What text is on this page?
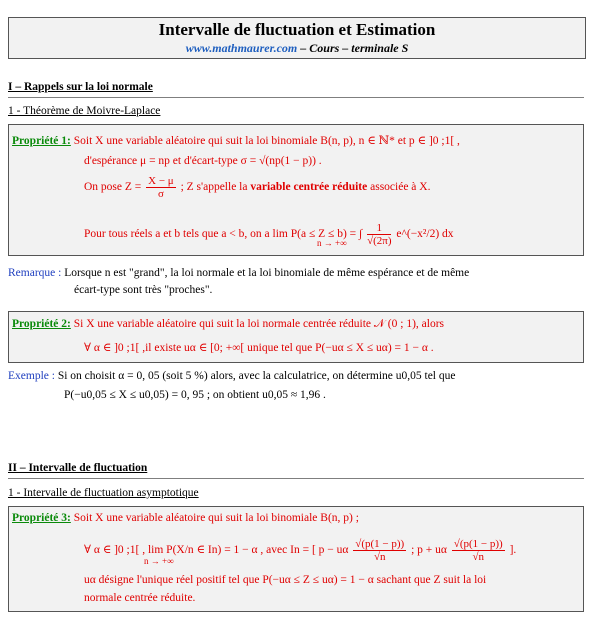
Intervalle de fluctuation et Estimation
www.mathmaurer.com – Cours – terminale S
I – Rappels sur la loi normale
1 - Théorème de Moivre-Laplace
Propriété 1: Soit X une variable aléatoire qui suit la loi binomiale B(n, p), n ∈ ℕ* et p ∈ ]0 ;1[ ,
d'espérance μ = np et d'écart-type σ = √(np(1 − p)) .
On pose $Z = \frac{X - \mu}{\sigma}$ ; Z s'appelle la variable centrée réduite associée à X.
Pour tous réels a et b tels que a < b, on a lim P(a ≤ Z ≤ b) = ∫ $\frac{1}{√(2\pi)}$ e^(−x²/2) dx
n → +∞
Remarque : Lorsque n est "grand", la loi normale et la loi binomiale de même espérance et de même
écart-type sont très "proches".
Propriété 2: Si X une variable aléatoire qui suit la loi normale centrée réduite 𝒩 (0 ; 1), alors
∀ α ∈ ]0 ;1[ ,il existe uα ∈ [0; +∞[ unique tel que P(−uα ≤ X ≤ uα) = 1 − α .
Exemple : Si on choisit α = 0, 05 (soit 5 %) alors, avec la calculatrice, on détermine u0,05 tel que
P(−u0,05 ≤ X ≤ u0,05) = 0, 95 ; on obtient u0,05 ≈ 1,96 .
II – Intervalle de fluctuation
1 - Intervalle de fluctuation asymptotique
Propriété 3: Soit X une variable aléatoire qui suit la loi binomiale B(n, p) ;
∀ α ∈ ]0 ;1[ , lim P(X/n ∈ In) = 1 − α , avec In = [ p − uα $\frac{√(p(1 - p))}{√n}$ ; p + uα $\frac{√(p(1 - p))}{√n}$ ].
n → +∞
uα désigne l'unique réel positif tel que P(−uα ≤ Z ≤ uα) = 1 − α sachant que Z suit la loi
normale centrée réduite.
